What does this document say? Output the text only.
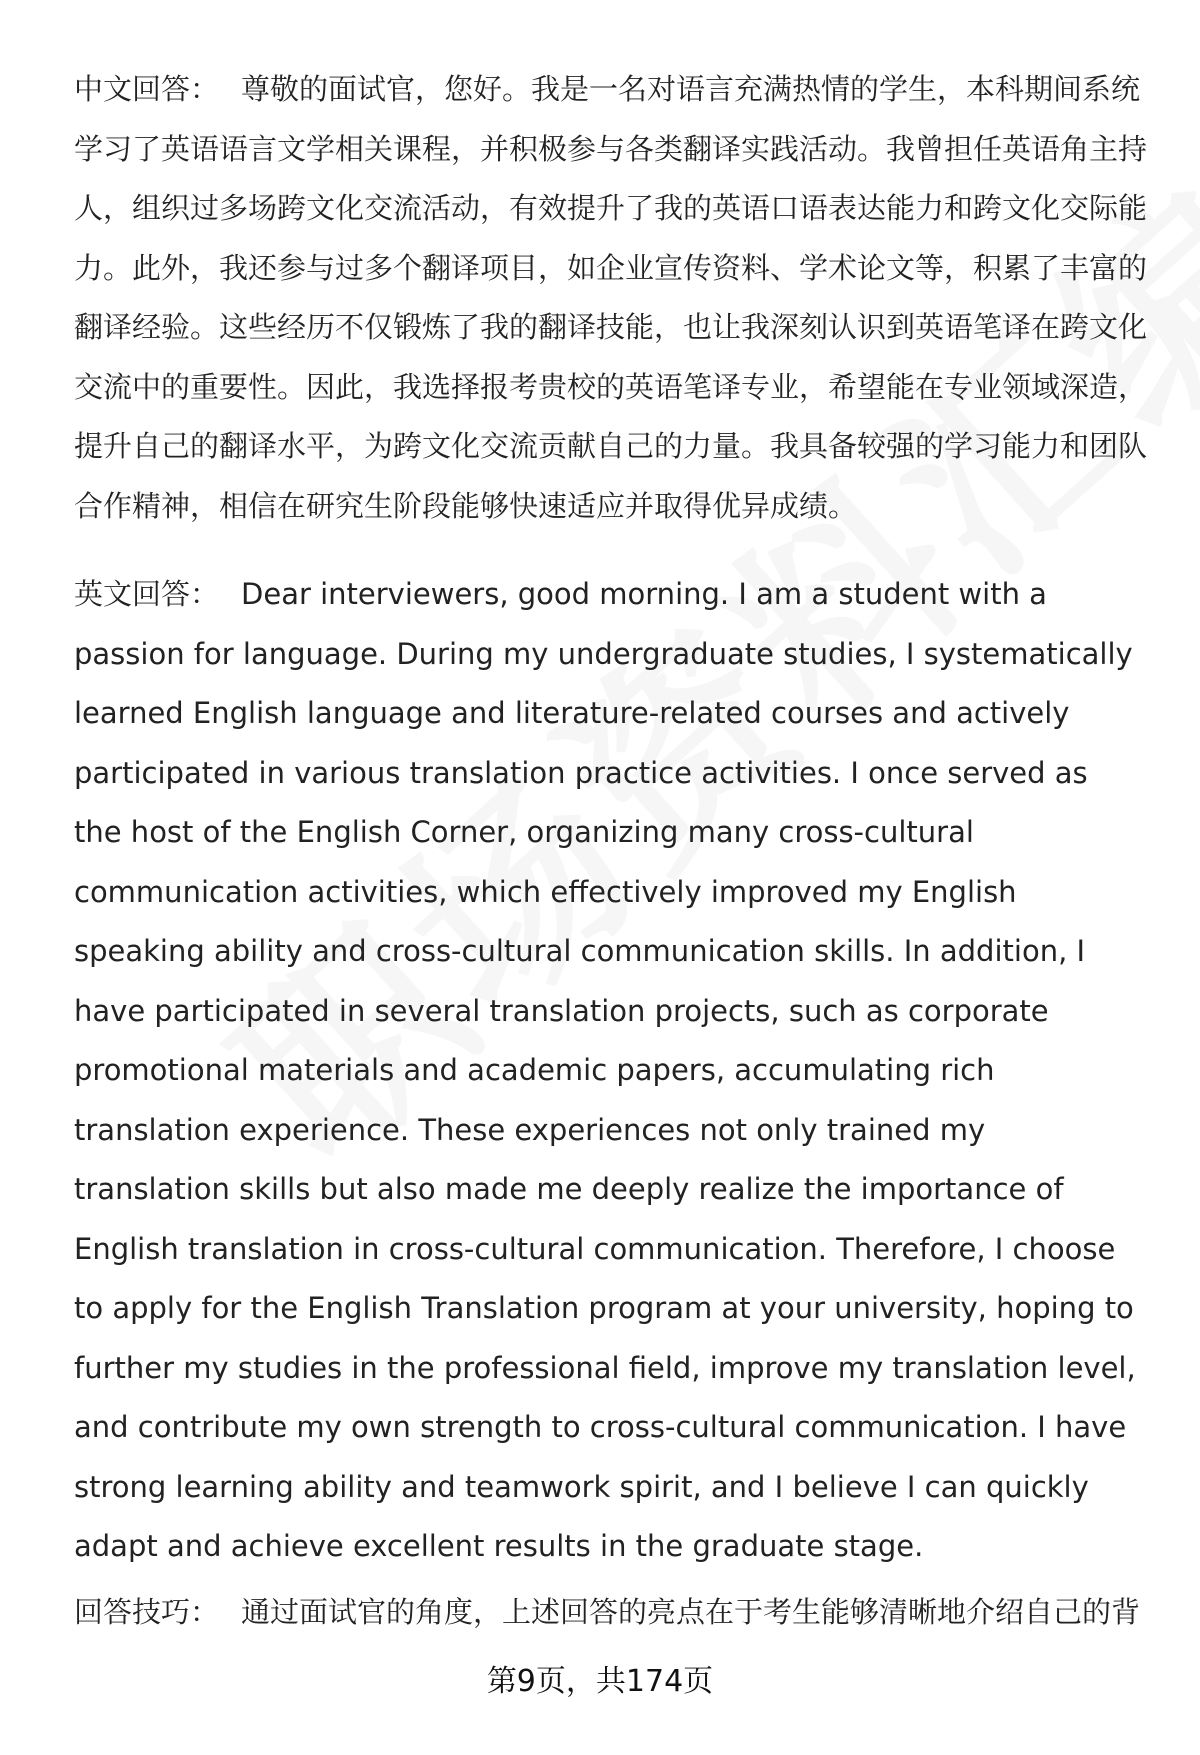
中文回答： 尊敬的面试官，您好。我是一名对语言充满热情的学生，本科期间系统学习了英语语言文学相关课程，并积极参与各类翻译实践活动。我曾担任英语角主持人，组织过多场跨文化交流活动，有效提升了我的英语口语表达能力和跨文化交际能力。此外，我还参与过多个翻译项目，如企业宣传资料、学术论文等，积累了丰富的翻译经验。这些经历不仅锻炼了我的翻译技能，也让我深刻认识到英语笔译在跨文化交流中的重要性。因此，我选择报考贵校的英语笔译专业，希望能在专业领域深造，提升自己的翻译水平，为跨文化交流贡献自己的力量。我具备较强的学习能力和团队合作精神，相信在研究生阶段能够快速适应并取得优异成绩。
英文回答： Dear interviewers, good morning. I am a student with a passion for language. During my undergraduate studies, I systematically learned English language and literature-related courses and actively participated in various translation practice activities. I once served as the host of the English Corner, organizing many cross-cultural communication activities, which effectively improved my English speaking ability and cross-cultural communication skills. In addition, I have participated in several translation projects, such as corporate promotional materials and academic papers, accumulating rich translation experience. These experiences not only trained my translation skills but also made me deeply realize the importance of English translation in cross-cultural communication. Therefore, I choose to apply for the English Translation program at your university, hoping to further my studies in the professional field, improve my translation level, and contribute my own strength to cross-cultural communication. I have strong learning ability and teamwork spirit, and I believe I can quickly adapt and achieve excellent results in the graduate stage.
回答技巧： 通过面试官的角度，上述回答的亮点在于考生能够清晰地介绍自己的背
第9页，共174页
